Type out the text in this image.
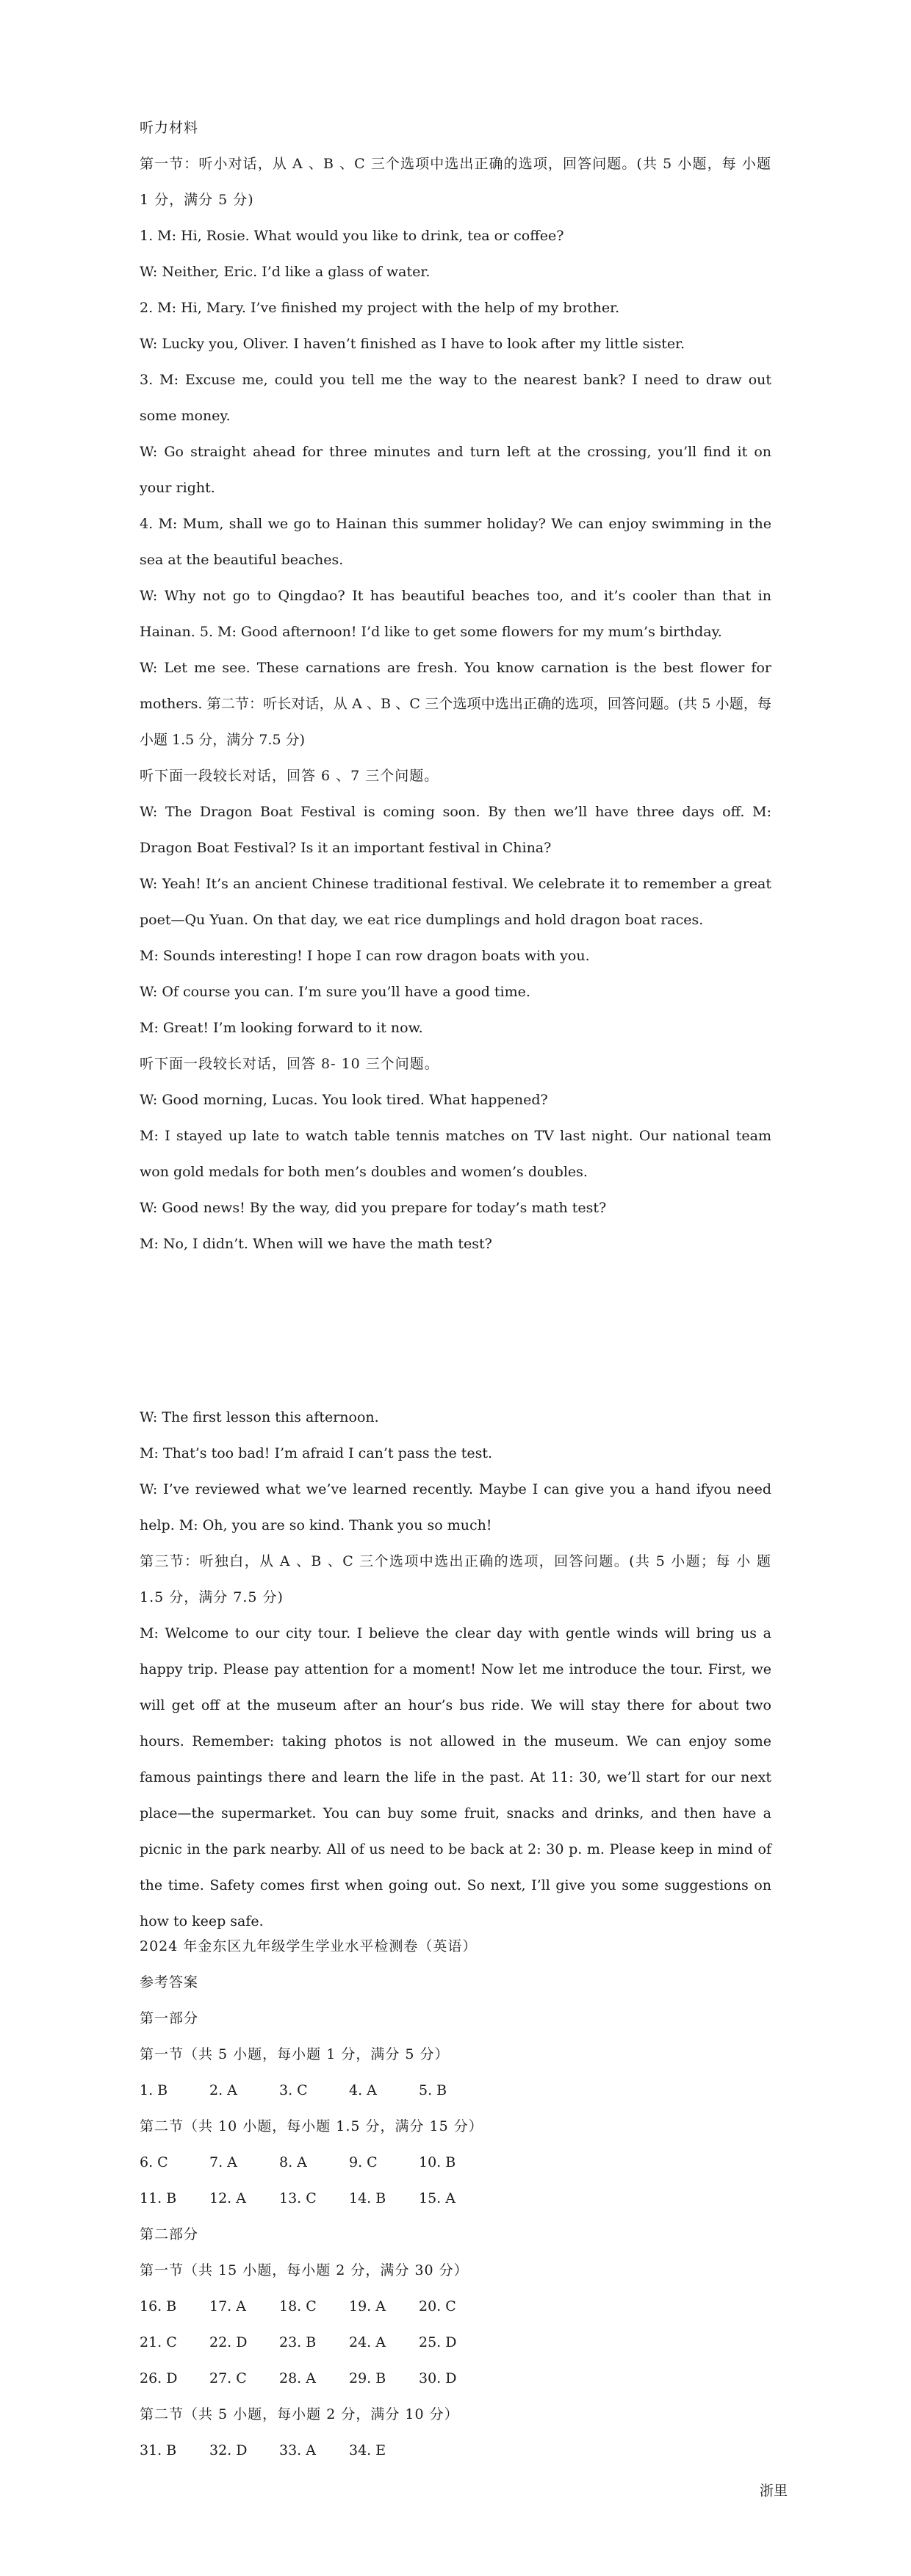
听力材料
第一节：听小对话，从 A 、B 、C 三个选项中选出正确的选项，回答问题。(共 5 小题，每 小题 1 分，满分 5 分)
1. M: Hi, Rosie. What would you like to drink, tea or coffee?
W: Neither, Eric. I’d like a glass of water.
2. M: Hi, Mary. I’ve finished my project with the help of my brother.
W: Lucky you, Oliver. I haven’t finished as I have to look after my little sister.
3. M: Excuse me, could you tell me the way to the nearest bank? I need to draw out some money.
W: Go straight ahead for three minutes and turn left at the crossing, you’ll find it on your right.
4. M: Mum, shall we go to Hainan this summer holiday? We can enjoy swimming in the sea at the beautiful beaches.
W: Why not go to Qingdao? It has beautiful beaches too, and it’s cooler than that in Hainan. 5. M: Good afternoon! I’d like to get some flowers for my mum’s birthday.
W: Let me see. These carnations are fresh. You know carnation is the best flower for mothers. 第二节：听长对话，从 A 、B 、C 三个选项中选出正确的选项，回答问题。(共 5 小题，每小题 1.5 分，满分 7.5 分)
听下面一段较长对话，回答 6 、7 三个问题。
W: The Dragon Boat Festival is coming soon. By then we’ll have three days off. M: Dragon Boat Festival? Is it an important festival in China?
W: Yeah! It’s an ancient Chinese traditional festival. We celebrate it to remember a great poet—Qu Yuan. On that day, we eat rice dumplings and hold dragon boat races.
M: Sounds interesting! I hope I can row dragon boats with you.
W: Of course you can. I’m sure you’ll have a good time.
M: Great! I’m looking forward to it now.
听下面一段较长对话，回答 8- 10 三个问题。
W: Good morning, Lucas. You look tired. What happened?
M: I stayed up late to watch table tennis matches on TV last night. Our national team won gold medals for both men’s doubles and women’s doubles.
W: Good news! By the way, did you prepare for today’s math test?
M: No, I didn’t. When will we have the math test?
W: The first lesson this afternoon.
M: That’s too bad! I’m afraid I can’t pass the test.
W: I’ve reviewed what we’ve learned recently. Maybe I can give you a hand ifyou need help. M: Oh, you are so kind. Thank you so much!
第三节：听独白，从 A 、B 、C 三个选项中选出正确的选项，回答问题。(共 5 小题；每 小 题 1.5 分，满分 7.5 分)
M: Welcome to our city tour. I believe the clear day with gentle winds will bring us a happy trip. Please pay attention for a moment! Now let me introduce the tour. First, we will get off at the museum after an hour’s bus ride. We will stay there for about two hours. Remember: taking photos is not allowed in the museum. We can enjoy some famous paintings there and learn the life in the past. At 11: 30, we’ll start for our next place—the supermarket. You can buy some fruit, snacks and drinks, and then have a picnic in the park nearby. All of us need to be back at 2: 30 p. m. Please keep in mind of the time. Safety comes first when going out. So next, I’ll give you some suggestions on how to keep safe.
2024 年金东区九年级学生学业水平检测卷（英语）
参考答案
第一部分
第一节（共 5 小题，每小题 1 分，满分 5 分）
1. B	2. A	3. C	4. A	5. B
第二节（共 10 小题，每小题 1.5 分，满分 15 分）
6. C	7. A	8. A	9. C	10. B
11. B	12. A	13. C	14. B	15. A
第二部分
第一节（共 15 小题，每小题 2 分，满分 30 分）
16. B	17. A	18. C	19. A	20. C
21. C	22. D	23. B	24. A	25. D
26. D	27. C	28. A	29. B	30. D
第二节（共 5 小题，每小题 2 分，满分 10 分）
31. B	32. D	33. A	34. E
浙里
